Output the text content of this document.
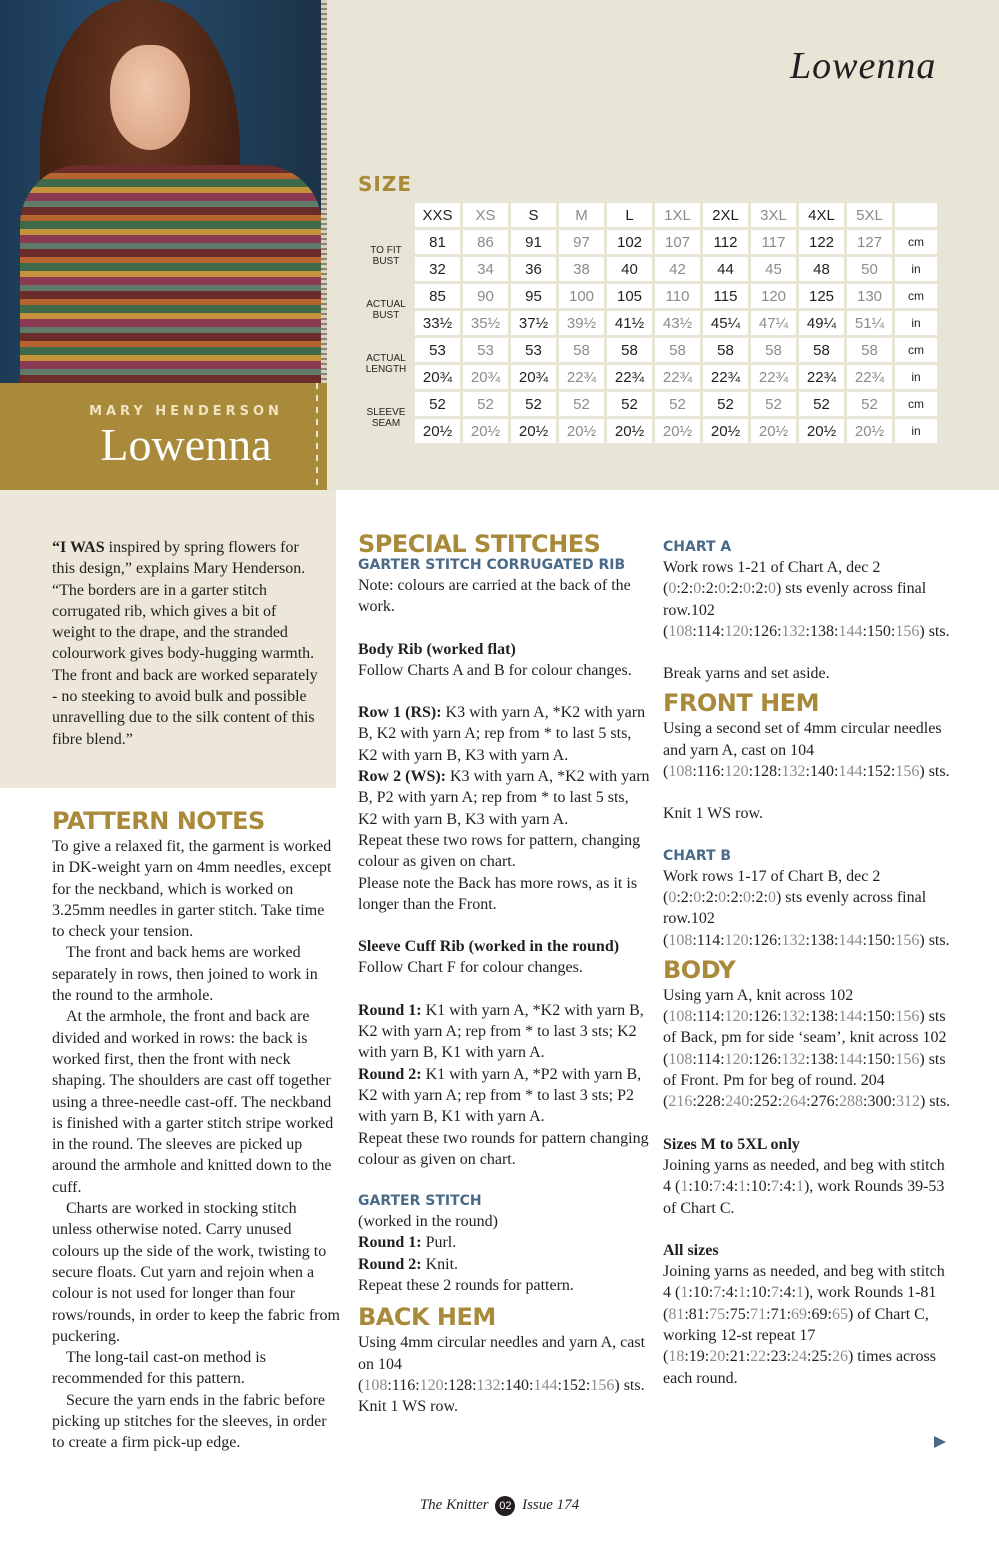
MARY HENDERSON
Lowenna
Lowenna
SIZE
	XXS	XS	S	M	L	1XL	2XL	3XL	4XL	5XL	
TO FIT BUST	81	86	91	97	102	107	112	117	122	127	cm
	32	34	36	38	40	42	44	45	48	50	in
ACTUAL BUST	85	90	95	100	105	110	115	120	125	130	cm
	33½	35½	37½	39½	41½	43½	45¼	47¼	49¼	51¼	in
ACTUAL LENGTH	53	53	53	58	58	58	58	58	58	58	cm
	20¾	20¾	20¾	22¾	22¾	22¾	22¾	22¾	22¾	22¾	in
SLEEVE SEAM	52	52	52	52	52	52	52	52	52	52	cm
	20½	20½	20½	20½	20½	20½	20½	20½	20½	20½	in

“I WAS inspired by spring flowers for this design,” explains Mary Henderson. “The borders are in a garter stitch corrugated rib, which gives a bit of weight to the drape, and the stranded colourwork gives body-hugging warmth. The front and back are worked separately - no steeking to avoid bulk and possible unravelling due to the silk content of this fibre blend.”

PATTERN NOTES

To give a relaxed fit, the garment is worked in DK-weight yarn on 4mm needles, except for the neckband, which is worked on 3.25mm needles in garter stitch. Take time to check your tension.

The front and back hems are worked separately in rows, then joined to work in the round to the armhole.

At the armhole, the front and back are divided and worked in rows: the back is worked first, then the front with neck shaping. The shoulders are cast off together using a three-needle cast-off. The neckband is finished with a garter stitch stripe worked in the round. The sleeves are picked up around the armhole and knitted down to the cuff.

Charts are worked in stocking stitch unless otherwise noted. Carry unused colours up the side of the work, twisting to secure floats. Cut yarn and rejoin when a colour is not used for longer than four rows/rounds, in order to keep the fabric from puckering.

The long-tail cast-on method is recommended for this pattern.

Secure the yarn ends in the fabric before picking up stitches for the sleeves, in order to create a firm pick-up edge.

SPECIAL STITCHES

GARTER STITCH CORRUGATED RIB

Note: colours are carried at the back of the work.

Body Rib (worked flat)

Follow Charts A and B for colour changes.

Row 1 (RS): K3 with yarn A, *K2 with yarn B, K2 with yarn A; rep from * to last 5 sts, K2 with yarn B, K3 with yarn A.

Row 2 (WS): K3 with yarn A, *K2 with yarn B, P2 with yarn A; rep from * to last 5 sts, K2 with yarn B, K3 with yarn A.

Repeat these two rows for pattern, changing colour as given on chart.

Please note the Back has more rows, as it is longer than the Front.

Sleeve Cuff Rib (worked in the round)

Follow Chart F for colour changes.

Round 1: K1 with yarn A, *K2 with yarn B, K2 with yarn A; rep from * to last 3 sts; K2 with yarn B, K1 with yarn A.

Round 2: K1 with yarn A, *P2 with yarn B, K2 with yarn A; rep from * to last 3 sts; P2 with yarn B, K1 with yarn A.

Repeat these two rounds for pattern changing colour as given on chart.

GARTER STITCH

(worked in the round)

Round 1: Purl.

Round 2: Knit.

Repeat these 2 rounds for pattern.

BACK HEM

Using 4mm circular needles and yarn A, cast on 104 (108:116:120:128:132:140:144:152:156) sts.

Knit 1 WS row.

CHART A

Work rows 1-21 of Chart A, dec 2 (0:2:0:2:0:2:0:2:0) sts evenly across final row.102 (108:114:120:126:132:138:144:150:156) sts.

Break yarns and set aside.

FRONT HEM

Using a second set of 4mm circular needles and yarn A, cast on 104 (108:116:120:128:132:140:144:152:156) sts.

Knit 1 WS row.

CHART B

Work rows 1-17 of Chart B, dec 2 (0:2:0:2:0:2:0:2:0) sts evenly across final row.102 (108:114:120:126:132:138:144:150:156) sts.

BODY

Using yarn A, knit across 102 (108:114:120:126:132:138:144:150:156) sts of Back, pm for side ‘seam’, knit across 102 (108:114:120:126:132:138:144:150:156) sts of Front. Pm for beg of round. 204 (216:228:240:252:264:276:288:300:312) sts.

Sizes M to 5XL only

Joining yarns as needed, and beg with stitch 4 (1:10:7:4:1:10:7:4:1), work Rounds 39-53 of Chart C.

All sizes

Joining yarns as needed, and beg with stitch 4 (1:10:7:4:1:10:7:4:1), work Rounds 1-81 (81:81:75:75:71:71:69:69:65) of Chart C, working 12-st repeat 17 (18:19:20:21:22:23:24:25:26) times across each round.

The Knitter 02 Issue 174
